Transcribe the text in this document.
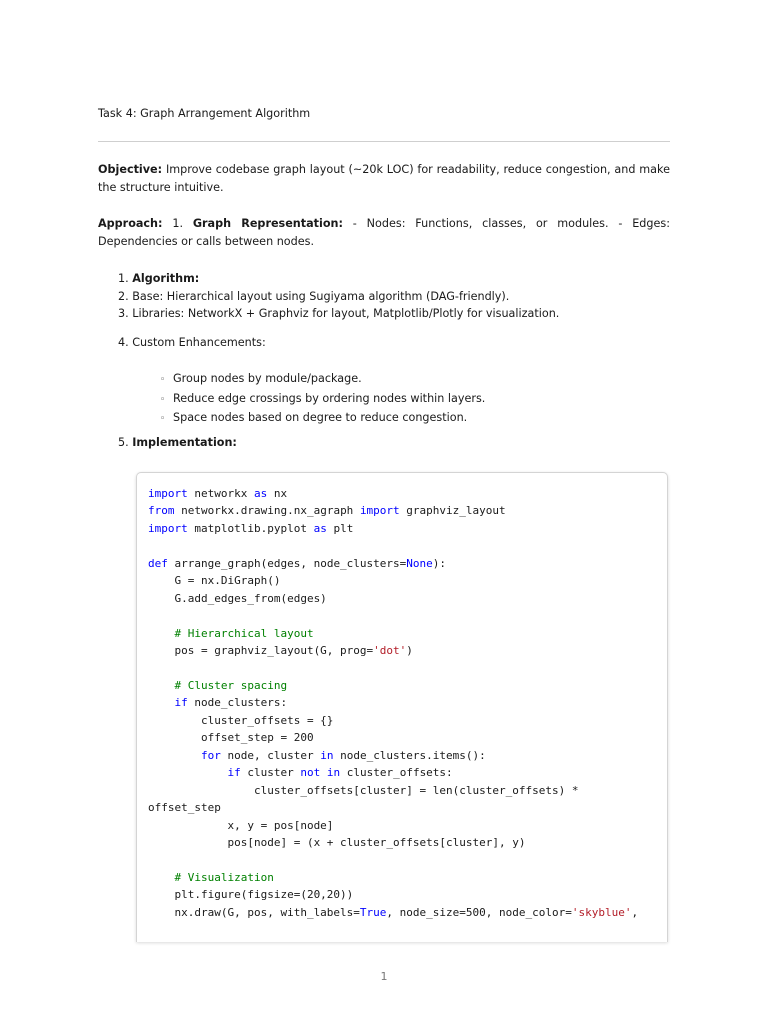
Task 4: Graph Arrangement Algorithm
Objective: Improve codebase graph layout (~20k LOC) for readability, reduce congestion, and make the structure intuitive.
Approach: 1. Graph Representation: - Nodes: Functions, classes, or modules. - Edges: Dependencies or calls between nodes.
1. Algorithm:
2. Base: Hierarchical layout using Sugiyama algorithm (DAG-friendly).
3. Libraries: NetworkX + Graphviz for layout, Matplotlib/Plotly for visualization.
4. Custom Enhancements:
◦ Group nodes by module/package.
◦ Reduce edge crossings by ordering nodes within layers.
◦ Space nodes based on degree to reduce congestion.
5. Implementation:
import networkx as nx
from networkx.drawing.nx_agraph import graphviz_layout
import matplotlib.pyplot as plt

def arrange_graph(edges, node_clusters=None):
G = nx.DiGraph()
G.add_edges_from(edges)

# Hierarchical layout
pos = graphviz_layout(G, prog='dot')

# Cluster spacing
if node_clusters:
cluster_offsets = {}
offset_step = 200
for node, cluster in node_clusters.items():
if cluster not in cluster_offsets:
cluster_offsets[cluster] = len(cluster_offsets) *
offset_step
x, y = pos[node]
pos[node] = (x + cluster_offsets[cluster], y)

# Visualization
plt.figure(figsize=(20,20))
nx.draw(G, pos, with_labels=True, node_size=500, node_color='skyblue',
1
